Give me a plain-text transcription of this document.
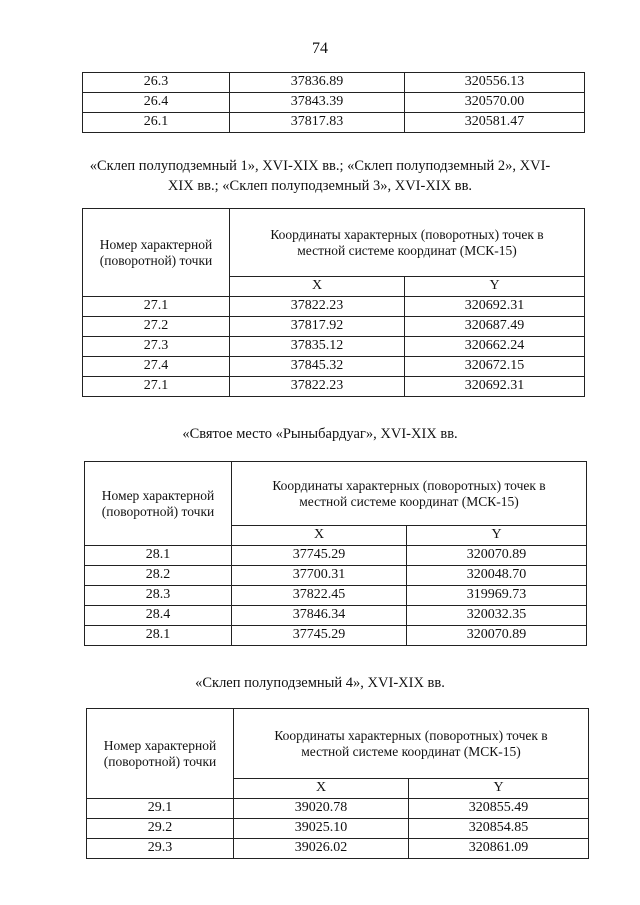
74
26.3	37836.89	320556.13
26.4	37843.39	320570.00
26.1	37817.83	320581.47
«Склеп полуподземный 1», XVI-XIX вв.; «Склеп полуподземный 2», XVI-XIX вв.; «Склеп полуподземный 3», XVI-XIX вв.
Номер характерной (поворотной) точки	Координаты характерных (поворотных) точек в местной системе координат (МСК-15)	
	X	Y
27.1	37822.23	320692.31
27.2	37817.92	320687.49
27.3	37835.12	320662.24
27.4	37845.32	320672.15
27.1	37822.23	320692.31
«Святое место «Рыныбардуаг», XVI-XIX вв.
Номер характерной (поворотной) точки	Координаты характерных (поворотных) точек в местной системе координат (МСК-15)	
	X	Y
28.1	37745.29	320070.89
28.2	37700.31	320048.70
28.3	37822.45	319969.73
28.4	37846.34	320032.35
28.1	37745.29	320070.89
«Склеп полуподземный 4», XVI-XIX вв.
Номер характерной (поворотной) точки	Координаты характерных (поворотных) точек в местной системе координат (МСК-15)	
	X	Y
29.1	39020.78	320855.49
29.2	39025.10	320854.85
29.3	39026.02	320861.09
